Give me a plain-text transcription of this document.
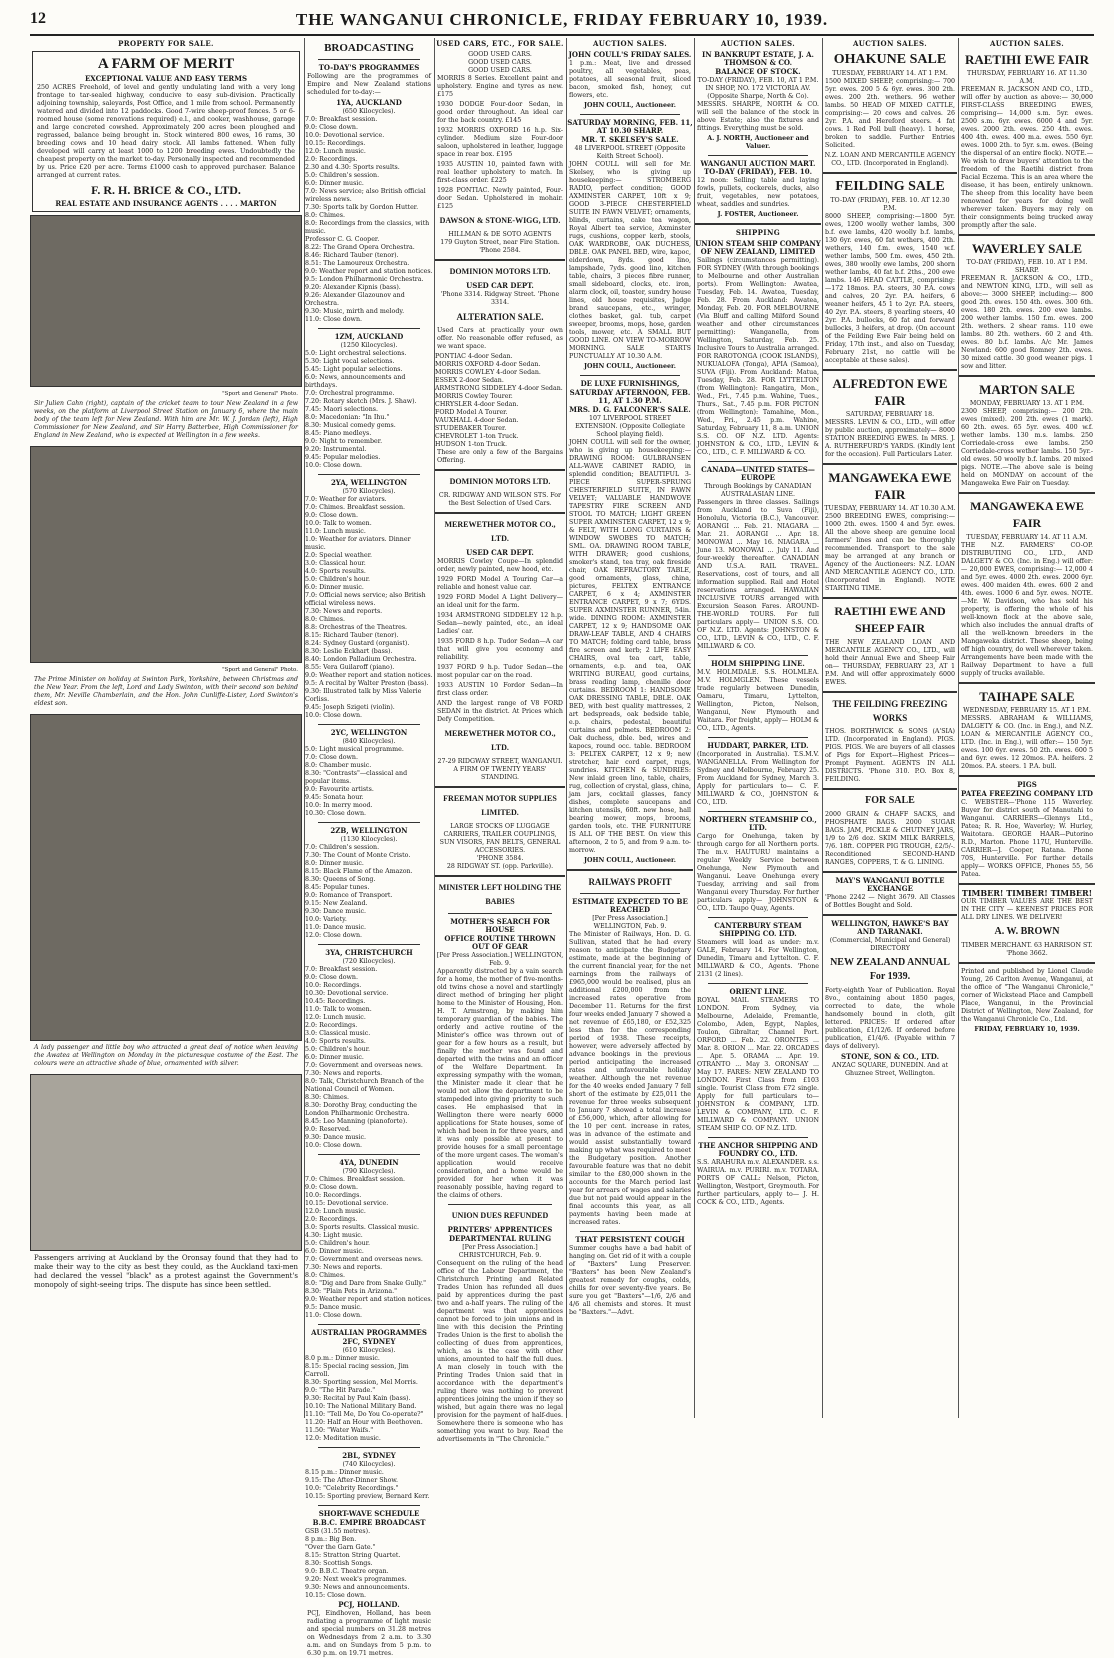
12	THE WANGANUI CHRONICLE, FRIDAY FEBRUARY 10, 1939.
PROPERTY FOR SALE.
A FARM OF MERIT
EXCEPTIONAL VALUE AND EASY TERMS

250 ACRES Freehold, of level and gently undulating land with a very long frontage to tar-sealed highway, conducive to easy sub-division. Practically adjoining township, saleyards, Post Office, and 1 mile from school. Permanently watered and divided into 12 paddocks. Good 7-wire sheep-proof fences. 5 or 6-roomed house (some renovations required) e.l., and cooker, washhouse, garage and large concreted cowshed. Approximately 200 acres been ploughed and regrassed, balance being brought in. Stock wintered 800 ewes, 16 rams, 30 breeding cows and 10 head dairy stock. All lambs fattened. When fully developed will carry at least 1000 to 1200 breeding ewes. Undoubtedly the cheapest property on the market to-day. Personally inspected and recommended by us. Price £20 per acre. Terms £1000 cash to approved purchaser. Balance arranged at current rates.

F. R. H. BRICE & CO., LTD.
REAL ESTATE AND INSURANCE AGENTS . . . . MARTON
"Sport and General" Photo.
Sir Julien Cahn (right), captain of the cricket team to tour New Zealand in a few weeks, on the platform at Liverpool Street Station on January 6, where the main body of the team left for New Zealand. With him are Mr. W. J. Jordan (left), High Commissioner for New Zealand, and Sir Harry Batterbee, High Commissioner for England in New Zealand, who is expected at Wellington in a few weeks.
"Sport and General" Photo.
The Prime Minister on holiday at Swinton Park, Yorkshire, between Christmas and the New Year. From the left, Lord and Lady Swinton, with their second son behind them, Mr. Neville Chamberlain, and the Hon. John Cunliffe-Lister, Lord Swinton's eldest son.
A lady passenger and little boy who attracted a great deal of notice when leaving the Awatea at Wellington on Monday in the picturesque costume of the East. The colours were an attractive shade of blue, ornamented with silver.
Passengers arriving at Auckland by the Oronsay found that they had to make their way to the city as best they could, as the Auckland taxi-men had declared the vessel "black" as a protest against the Government's monopoly of sight-seeing trips. The dispute has since been settled.
BROADCASTING
TO-DAY'S PROGRAMMES

Following are the programmes of Empire and New Zealand stations scheduled for to-day:—

1YA, AUCKLAND
(650 Kilocycles).
7.0: Breakfast session.
9.0: Close down.
10.0: Devotional service.
10.15: Recordings.
12.0: Lunch music.
2.0: Recordings.
2.30 and 4.30: Sports results.
5.0: Children's session.
6.0: Dinner music.
7.0: News service; also British official wireless news.
7.30: Sports talk by Gordon Hutter.
8.0: Chimes.
8.0: Recordings from the classics, with music.
Professor C. G. Cooper.
8.22: The Grand Opera Orchestra.
8.46: Richard Tauber (tenor).
8.51: The Lamoureux Orchestra.
9.0: Weather report and station notices.
9.5: London Philharmonic Orchestra.
9.20: Alexander Kipnis (bass).
9.26: Alexander Glazounov and Orchestra.
9.30: Music, mirth and melody.
11.0: Close down.
1ZM, AUCKLAND
(1250 Kilocycles).
5.0: Light orchestral selections.
5.30: Light vocal selections.
5.45: Light popular selections.
6.0: News, announcements and birthdays.
7.0: Orchestral programme.
7.20: Rotary sketch (Mrs. J. Shaw).
7.45: Maori selections.
8.0: Macedonian: "In Ihu."
8.30: Musical comedy gems.
8.45: Piano medleys.
9.0: Night to remember.
9.20: Instrumental.
9.45: Popular melodies.
10.0: Close down.
2YA, WELLINGTON
(570 Kilocycles).
7.0: Weather for aviators.
7.0: Chimes. Breakfast session.
9.0: Close down.
10.0: Talk to women.
11.0: Lunch music.
1.0: Weather for aviators. Dinner music.
2.0: Special weather.
3.0: Classical hour.
4.0: Sports results.
5.0: Children's hour.
6.0: Dinner music.
7.0: Official news service; also British official wireless news.
7.30: News and reports.
8.0: Chimes.
8.8: Orchestras of the Theatres.
8.15: Richard Tauber (tenor).
8.24: Sydney Gustard (organist).
8.30: Leslie Eckhart (bass).
8.40: London Palladium Orchestra.
8.55: Vera Guilaroff (piano).
9.0: Weather report and station notices.
9.5: A recital by Walter Preston (bass).
9.30: Illustrated talk by Miss Valerie Corliss.
9.45: Joseph Szigeti (violin).
10.0: Close down.
2YC, WELLINGTON
(840 Kilocycles).
5.0: Light musical programme.
7.0: Close down.
8.0: Chamber music.
8.30: "Contrasts"—classical and popular items.
9.0: Favourite artists.
9.45: Sonata hour.
10.0: In merry mood.
10.30: Close down.
2ZB, WELLINGTON
(1130 Kilocycles).
7.0: Children's session.
7.30: The Count of Monte Cristo.
8.0: Dinner music.
8.15: Black Flame of the Amazon.
8.30: Queens of Song.
8.45: Popular tunes.
9.0: Romance of Transport.
9.15: New Zealand.
9.30: Dance music.
10.0: Variety.
11.0: Dance music.
12.0: Close down.
3YA, CHRISTCHURCH
(720 Kilocycles).
7.0: Breakfast session.
9.0: Close down.
10.0: Recordings.
10.30: Devotional service.
10.45: Recordings.
11.0: Talk to women.
12.0: Lunch music.
2.0: Recordings.
3.0: Classical music.
4.0: Sports results.
5.0: Children's hour.
6.0: Dinner music.
7.0: Government and overseas news.
7.30: News and reports.
8.0: Talk, Christchurch Branch of the National Council of Women.
8.30: Chimes.
8.30: Dorothy Bray, conducting the London Philharmonic Orchestra.
8.45: Leo Manning (pianoforte).
9.0: Reserved.
9.30: Dance music.
10.0: Close down.
4YA, DUNEDIN
(790 Kilocycles).
7.0: Chimes. Breakfast session.
9.0: Close down.
10.0: Recordings.
10.15: Devotional service.
12.0: Lunch music.
2.0: Recordings.
3.0: Sports results. Classical music.
4.30: Light music.
5.0: Children's hour.
6.0: Dinner music.
7.0: Government and overseas news.
7.30: News and reports.
8.0: Chimes.
8.0: "Dig and Dare from Snake Gully."
8.30: "Plain Pets in Arizona."
9.0: Weather report and station notices.
9.5: Dance music.
11.0: Close down.
AUSTRALIAN PROGRAMMES
2FC, SYDNEY
(610 Kilocycles).
8.0 p.m.: Dinner music.
8.15: Special racing session, Jim Carroll.
8.30: Sporting session, Mel Morris.
9.0: "The Hit Parade."
9.30: Recital by Paul Kain (bass).
10.10: The National Military Band.
11.10: "Tell Me, Do You Co-operate?"
11.20: Half an Hour with Beethoven.
11.50: "Water Waifs."
12.0: Meditation music.
2BL, SYDNEY
(740 Kilocycles).
8.15 p.m.: Dinner music.
9.15: The After-Dinner Show.
10.0: "Celebrity Recordings."
10.15: Sporting preview, Bernard Kerr.
SHORT-WAVE SCHEDULE
B.B.C. EMPIRE BROADCAST
GSB (31.55 metres).
8 p.m.: Big Ben.
"Over the Garn Gate."
8.15: Stratton String Quartet.
8.30: Scottish Songs.
9.0: B.B.C. Theatre organ.
9.20: Next week's programmes.
9.30: News and announcements.
10.15: Close down.
PCJ, HOLLAND.

PCJ, Eindhoven, Holland, has been radiating a programme of light music and special numbers on 31.28 metres on Wednesdays from 2 a.m. to 3.30 a.m. and on Sundays from 5 p.m. to 6.30 p.m. on 19.71 metres.

USED CARS, ETC., FOR SALE.
GOOD USED CARS.
GOOD USED CARS.
GOOD USED CARS.

MORRIS 8 Series. Excellent paint and upholstery. Engine and tyres as new. £175

1930 DODGE Four-door Sedan, in good order throughout. An ideal car for the back country. £145

1932 MORRIS OXFORD 16 h.p. Six-cylinder. Medium size Four-door saloon, upholstered in leather, luggage space in rear box. £195

1935 AUSTIN 10, painted fawn with real leather upholstery to match. In first-class order. £225

1928 PONTIAC. Newly painted, Four-door Sedan. Upholstered in mohair. £125

DAWSON & STONE-WIGG, LTD.
HILLMAN & DE SOTO AGENTS
179 Guyton Street, near Fire Station.
'Phone 2584.
DOMINION MOTORS LTD.
USED CAR DEPT.
'Phone 3314. Ridgway Street. 'Phone 3314.
ALTERATION SALE.

Used Cars at practically your own offer. No reasonable offer refused, as we want space.

PONTIAC 4-door Sedan.
MORRIS OXFORD 4-door Sedan.
MORRIS COWLEY 4-door Sedan.
ESSEX 2-door Sedan.
ARMSTRONG SIDDELEY 4-door Sedan.
MORRIS Cowley Tourer.
CHRYSLER 4-door Sedan.
FORD Model A Tourer.
VAUXHALL 4-door Sedan.
STUDEBAKER Tourer.
CHEVROLET 1-ton Truck.
HUDSON 1-ton Truck.

These are only a few of the Bargains Offering.

DOMINION MOTORS LTD.
CR. RIDGWAY AND WILSON STS. For the Best Selection of Used Cars.
MEREWETHER MOTOR CO., LTD.
USED CAR DEPT.

MORRIS Cowley Coupe—In splendid order, newly painted, new hood, etc.

1929 FORD Model A Touring Car—a reliable and honest value car.

1929 FORD Model A Light Delivery—an ideal unit for the farm.

1934 ARMSTRONG SIDDELEY 12 h.p. Sedan—newly painted, etc., an ideal Ladies' car.

1935 FORD 8 h.p. Tudor Sedan—A car that will give you economy and reliability.

1937 FORD 9 h.p. Tudor Sedan—the most popular car on the road.

1933 AUSTIN 10 Fordor Sedan—In first class order.

AND the largest range of V8 FORD SEDAN in the district. At Prices which Defy Competition.

MEREWETHER MOTOR CO., LTD.
27-29 RIDGWAY STREET, WANGANUI.
A FIRM OF TWENTY YEARS' STANDING.
FREEMAN MOTOR SUPPLIES LIMITED.
LARGE STOCKS OF LUGGAGE CARRIERS, TRAILER COUPLINGS, SUN VISORS, FAN BELTS, GENERAL ACCESSORIES.
'PHONE 3584.
28 RIDGWAY ST. (opp. Parkville).
MINISTER LEFT HOLDING THE BABIES
MOTHER'S SEARCH FOR HOUSE
OFFICE ROUTINE THROWN OUT OF GEAR
[Per Press Association.] WELLINGTON, Feb. 9.

Apparently distracted by a vain search for a home, the mother of five-months-old twins chose a novel and startlingly direct method of bringing her plight home to the Minister of Housing, Hon. H. T. Armstrong, by making him temporary guardian of the babies. The orderly and active routine of the Minister's office was thrown out of gear for a few hours as a result, but finally the mother was found and departed with the twins and an officer of the Welfare Department. In expressing sympathy with the woman, the Minister made it clear that he would not allow the department to be stampeded into giving priority to such cases. He emphasised that in Wellington there were nearly 6000 applications for State houses, some of which had been in for three years, and it was only possible at present to provide houses for a small percentage of the more urgent cases. The woman's application would receive consideration, and a home would be provided for her when it was reasonably possible, having regard to the claims of others.

UNION DUES REFUNDED
PRINTERS' APPRENTICES
DEPARTMENTAL RULING
[Per Press Association.] CHRISTCHURCH, Feb. 9.

Consequent on the ruling of the head office of the Labour Department, the Christchurch Printing and Related Trades Union has refunded all dues paid by apprentices during the past two and a-half years. The ruling of the department was that apprentices cannot be forced to join unions and in line with this decision the Printing Trades Union is the first to abolish the collecting of dues from apprentices, which, as is the case with other unions, amounted to half the full dues. A man closely in touch with the Printing Trades Union said that in accordance with the department's ruling there was nothing to prevent apprentices joining the union if they so wished, but again there was no legal provision for the payment of half-dues. Somewhere there is someone who has something you want to buy. Read the advertisements in "The Chronicle."

AUCTION SALES.
JOHN COULL'S FRIDAY SALES.

1 p.m.: Meat, live and dressed poultry, all vegetables, peas, potatoes, all seasonal fruit, sliced bacon, smoked fish, honey, cut flowers, etc.

JOHN COULL, Auctioneer.
SATURDAY MORNING, FEB. 11, AT 10.30 SHARP.
MR. T. SKELSEY'S SALE.
48 LIVERPOOL STREET (Opposite Keith Street School).

JOHN COULL will sell for Mr. Skelsey, who is giving up housekeeping:— STROMBERG RADIO, perfect condition; GOOD AXMINSTER CARPET, 10ft x 9; GOOD 3-PIECE CHESTERFIELD SUITE IN FAWN VELVET; ornaments, blinds, curtains, cake tea wagon, Royal Albert tea service, Axminster rugs, cushions, copper kerb, stools, OAK WARDROBE, OAK DUCHESS, DBLE. OAK PANEL BED, wire, kapoc, eiderdown, 8yds. good lino, lampshade, 7yds. good lino, kitchen table, chairs, 3 pieces fibre runner, small sideboard, clocks, etc. iron, alarm clock, oil, toaster, sundry house lines, old house requisites, Judge brand saucepans, etc., wringer, clothes basket, gal. tub, carpet sweeper, brooms, mops, hose, garden tools, mower, etc. A SMALL BUT GOOD LINE. ON VIEW TO-MORROW MORNING. SALE STARTS PUNCTUALLY AT 10.30 A.M.

JOHN COULL, Auctioneer.
DE LUXE FURNISHINGS,
SATURDAY AFTERNOON, FEB. 11, AT 1.30 P.M.
MRS. D. G. FALCONER'S SALE.
107 LIVERPOOL STREET EXTENSION. (Opposite Collegiate School playing field).

JOHN COULL will sell for the owner, who is giving up housekeeping:— DRAWING ROOM: GULBRANSEN ALL-WAVE CABINET RADIO, in splendid condition; BEAUTIFUL 3-PIECE SUPER-SPRUNG CHESTERFIELD SUITE, IN FAWN VELVET; VALUABLE HANDWOVE TAPESTRY FIRE SCREEN AND STOOL TO MATCH; LIGHT GREEN SUPER AXMINSTER CARPET, 12 x 9; & FELT, WITH LONG CURTAINS & WINDOW SWOBES TO MATCH; SML. OA. DRAWING ROOM TABLE, WITH DRAWER; good cushions, smoker's stand, tea tray, oak fireside chair, OAK REFRACTORY TABLE, good ornaments, glass, china, pictures, FELTEX ENTRANCE CARPET, 6 x 4; AXMINSTER ENTRANCE CARPET, 9 x 7; 6YDS. SUPER AXMINSTER RUNNER, 54in. wide. DINING ROOM: AXMINSTER CARPET, 12 x 9; HANDSOME OAK DRAW-LEAF TABLE, AND 4 CHAIRS TO MATCH; folding card table, brass fire screen and kerb; 2 LIFE EASY CHAIRS, oval tea cart, table, ornaments, e.p. and tea, OAK WRITING BUREAU, good curtains, brass reading lamp, chenille door curtains. BEDROOM 1: HANDSOME OAK DRESSING TABLE, DBLE. OAK BED, with best quality mattresses, 2 art bedspreads, oak bedside table, e.p. chairs, pedestal, beautiful curtains and pelmets. BEDROOM 2: Oak duchess, dble. bed, wires and kapocs, round occ. table. BEDROOM 3: PELTEX CARPET, 12 x 9; new stretcher, hair cord carpet, rugs, sundries. KITCHEN & SUNDRIES: New inlaid green lino, table, chairs, rug, collection of crystal, glass, china, jam jars, cocktail glasses, fancy dishes, complete saucepans and kitchen utensils, 60ft. new hose, hall bearing mower, mops, brooms, garden tools, etc. THE FURNITURE IS ALL OF THE BEST. On view this afternoon, 2 to 5, and from 9 a.m. to-morrow.

JOHN COULL, Auctioneer.
RAILWAYS PROFIT
ESTIMATE EXPECTED TO BE REACHED
[Per Press Association.] WELLINGTON, Feb. 9.

The Minister of Railways, Hon. D. G. Sullivan, stated that he had every reason to anticipate the Budgetary estimate, made at the beginning of the current financial year, for the net earnings from the railways of £965,000 would be realised, plus an additional £200,000 from the increased rates operative from December 11. Returns for the first four weeks ended January 7 showed a net revenue of £65,180, or £52,325 less than for the corresponding period of 1938. These receipts, however, were adversely affected by advance bookings in the previous period anticipating the increased rates and unfavourable holiday weather. Although the net revenue for the 40 weeks ended January 7 fell short of the estimate by £25,011 the revenue for three weeks subsequent to January 7 showed a total increase of £56,000, which, after allowing for the 10 per cent. increase in rates, was in advance of the estimate and would assist substantially toward making up what was required to meet the Budgetary position. Another favourable feature was that no debit similar to the £80,000 shown in the accounts for the March period last year for arrears of wages and salaries due but not paid would appear in the final accounts this year, as all payments having been made at increased rates.

THAT PERSISTENT COUGH

Summer coughs have a bad habit of hanging on. Get rid of it with a couple of "Baxters" Lung Preserver. "Baxters" has been New Zealand's greatest remedy for coughs, colds, chills for over seventy-five years. Be sure you get "Baxters"—1/6, 2/6 and 4/6 all chemists and stores. It must be "Baxters."—Advt.

AUCTION SALES.
IN BANKRUPT ESTATE, J. A. THOMSON & CO.
BALANCE OF STOCK.
TO-DAY (FRIDAY), FEB. 10, AT 1 P.M.
IN SHOP, NO. 172 VICTORIA AV. (Opposite Sharpe, North & Co).

MESSRS. SHARPE, NORTH & CO. will sell the balance of the stock in above Estate; also the fixtures and fittings. Everything must be sold.

A. J. NORTH, Auctioneer and Valuer.
WANGANUI AUCTION MART. TO-DAY (FRIDAY), FEB. 10.

12 noon: Selling table and laying fowls, pullets, cockerels, ducks, also fruit, vegetables, new potatoes, wheat, saddles and sundries.

J. FOSTER, Auctioneer.
SHIPPING
UNION STEAM SHIP COMPANY OF NEW ZEALAND, LIMITED

Sailings (circumstances permitting). FOR SYDNEY (With through bookings to Melbourne and other Australian ports). From Wellington: Awatea, Tuesday, Feb. 14. Awatea, Tuesday, Feb. 28. From Auckland: Awatea, Monday, Feb. 20. FOR MELBOURNE (Via Bluff and calling Milford Sound weather and other circumstances permitting): Wanganella, from Wellington, Saturday, Feb. 25. Inclusive Tours to Australia arranged. FOR RAROTONGA (COOK ISLANDS), NUKUALOFA (Tonga), APIA (Samoa), SUVA (Fiji). From Auckland: Matua, Tuesday, Feb. 28. FOR LYTTELTON (from Wellington): Rangatira, Mon., Wed., Fri., 7.45 p.m. Wahine, Tues., Thurs., Sat., 7.45 p.m. FOR PICTON (from Wellington): Tamahine, Mon., Wed., Fri., 2.45 p.m. Wahine, Saturday, February 11, 8 a.m. UNION S.S. CO. OF N.Z. LTD. Agents: JOHNSTON & CO., LTD., LEVIN & CO., LTD., C. F. MILLWARD & CO.

CANADA—UNITED STATES—EUROPE
Through Bookings by CANADIAN AUSTRALASIAN LINE.

Passengers in three classes. Sailings from Auckland to Suva (Fiji), Honolulu, Victoria (B.C.), Vancouver. AORANGI ... Feb. 21. NIAGARA ... Mar. 21. AORANGI ... Apr. 18. MONOWAI ... May 16. NIAGARA ... June 13. MONOWAI ... July 11. And four-weekly thereafter. CANADIAN AND U.S.A. RAIL TRAVEL. Reservations, cost of tours, and all information supplied. Rail and Hotel reservations arranged. HAWAIIAN INCLUSIVE TOURS arranged with Excursion Season Fares. AROUND-THE-WORLD TOURS. For full particulars apply— UNION S.S. CO. OF N.Z. LTD. Agents: JOHNSTON & CO., LTD., LEVIN & CO., LTD., C. F. MILLWARD & CO.

HOLM SHIPPING LINE.

M.V. HOLMDALE. S.S. HOLMLEA. M.V. HOLMGLEN. These vessels trade regularly between Dunedin, Oamaru, Timaru, Lyttelton, Wellington, Picton, Nelson, Wanganui, New Plymouth and Waitara. For freight, apply— HOLM & CO., LTD., Agents.

HUDDART, PARKER, LTD.

(Incorporated in Australia). T.S.M.V. WANGANELLA. From Wellington for Sydney and Melbourne, February 25. From Auckland for Sydney, March 3. Apply for particulars to— C. F. MILLWARD & CO., JOHNSTON & CO., LTD.

NORTHERN STEAMSHIP CO., LTD.

Cargo for Onehunga, taken by through cargo for all Northern ports. The m.v. HAUTURU maintains a regular Weekly Service between Onehunga, New Plymouth and Wanganui. Leave Onehunga every Tuesday, arriving and sail from Wanganui every Thursday. For further particulars apply— JOHNSTON & CO., LTD. Taupo Quay, Agents.

CANTERBURY STEAM SHIPPING CO. LTD.

Steamers will load as under: m.v. GALE, February 14. For Wellington, Dunedin, Timaru and Lyttelton. C. F. MILLWARD & CO., Agents. 'Phone 2131 (2 lines).

ORIENT LINE.

ROYAL MAIL STEAMERS TO LONDON. From Sydney, via Melbourne, Adelaide, Fremantle, Colombo, Aden, Egypt, Naples, Toulon, Gibraltar, Channel Port. ORFORD ... Feb. 22. ORONTES ... Mar. 8. ORION ... Mar. 22. ORCADES ... Apr. 5. ORAMA ... Apr. 19. OTRANTO ... May 3. ORONSAY ... May 17. FARES: NEW ZEALAND TO LONDON. First Class from £103 single. Tourist Class from £72 single. Apply for full particulars to— JOHNSTON & COMPANY, LTD. LEVIN & COMPANY, LTD. C. F. MILLWARD & COMPANY. UNION STEAM SHIP CO. OF N.Z. LTD.

THE ANCHOR SHIPPING AND FOUNDRY CO., LTD.

S.S. ARAHURA m.v. ALEXANDER. s.s. WAIRUA. m.v. PURIRI. m.v. TOTARA. PORTS OF CALL: Nelson, Picton, Wellington, Westport, Greymouth. For further particulars, apply to— J. H. COCK & CO., LTD., Agents.

AUCTION SALES.
OHAKUNE SALE
TUESDAY, FEBRUARY 14. AT 1 P.M.

1500 MIXED SHEEP, comprising:— 700 5yr. ewes. 200 5 & 6yr. ewes. 300 2th. ewes. 200 2th. wethers. 96 wether lambs. 50 HEAD OF MIXED CATTLE, comprising:— 20 cows and calves. 26 2yr. P.A. and Hereford steers. 4 fat cows. 1 Red Poll bull (heavy). 1 horse, broken to saddle. Further Entries Solicited.

N.Z. LOAN AND MERCANTILE AGENCY CO., LTD. (Incorporated in England).
FEILDING SALE
TO-DAY (FRIDAY), FEB. 10. AT 12.30 P.M.

8000 SHEEP, comprising:—1800 5yr. ewes, 1200 woolly wether lambs, 300 b.f. ewe lambs, 420 woolly b.f. lambs, 130 6yr. ewes, 60 fat wethers, 400 2th. wethers, 140 f.m. ewes, 1540 w.f. wether lambs, 500 f.m. ewes, 450 2th. ewes, 380 woolly ewe lambs, 200 shorn wether lambs, 40 fat b.f. 2ths., 200 ewe lambs. 146 HEAD CATTLE, comprising:—172 18mos. P.A. steers, 30 P.A. cows and calves, 20 2yr. P.A. heifers, 6 weaner heifers, 45 1 to 2yr. P.A. steers, 40 2yr. P.A. steers, 8 yearling steers, 40 2yr. P.A. bullocks, 60 fat and forward bullocks, 3 heifers, at drop. (On account of the Feilding Ewe Fair being held on Friday, 17th inst., and also on Tuesday, February 21st, no cattle will be acceptable at these sales).

ALFREDTON EWE FAIR
SATURDAY, FEBRUARY 18.

MESSRS. LEVIN & CO., LTD., will offer by public auction, approximately— 8000 STATION BREEDING EWES. In MRS. J. A. RUTHERFURD'S YARDS. (Kindly lent for the occasion). Full Particulars Later.

MANGAWEKA EWE FAIR
TUESDAY, FEBRUARY 14. AT 10.30 A.M.

2500 BREEDING EWES, comprising:— 1000 2th. ewes. 1500 4 and 5yr. ewes. All the above sheep are genuine local farmers' lines and can be thoroughly recommended. Transport to the sale may be arranged at any branch or Agency of the Auctioneers: N.Z. LOAN AND MERCANTILE AGENCY CO., LTD. (Incorporated in England). NOTE STARTING TIME.

RAETIHI EWE AND SHEEP FAIR

THE NEW ZEALAND LOAN AND MERCANTILE AGENCY CO., LTD., will hold their Annual Ewe and Sheep Fair on— THURSDAY, FEBRUARY 23, AT 1 P.M. And will offer approximately 6000 EWES.

THE FEILDING FREEZING WORKS

THOS. BORTHWICK & SONS (A'SIA) LTD. (Incorporated in England). PIGS. PIGS. PIGS. We are buyers of all classes of Pigs for Export—Highest Prices—Prompt Payment. AGENTS IN ALL DISTRICTS. 'Phone 310. P.O. Box 8, FEILDING.

FOR SALE

2000 GRAIN & CHAFF SACKS, and PHOSPHATE BAGS. 2000 SUGAR BAGS. JAM, PICKLE & CHUTNEY JARS, 1/9 to 2/6 doz. SKIM MILK BARRELS, 7/6. 18ft. COPPER PIG TROUGH, £2/5/-. Reconditioned SECOND-HAND RANGES, COPPERS, T. & G. LINING.

MAY'S WANGANUI BOTTLE EXCHANGE

'Phone 2242 — Night 3679. All Classes of Bottles Bought and Sold.

WELLINGTON, HAWKE'S BAY AND TARANAKI.
(Commercial, Municipal and General) DIRECTORY
NEW ZEALAND ANNUAL For 1939.

Forty-eighth Year of Publication. Royal 8vo., containing about 1850 pages, corrected to date, the whole handsomely bound in cloth, gilt lettered. PRICES: If ordered after publication, £1/12/6. If ordered before publication, £1/4/6. (Payable within 7 days of delivery).

STONE, SON & CO., LTD.
ANZAC SQUARE, DUNEDIN. And at Ghuznee Street, Wellington.
AUCTION SALES.
RAETIHI EWE FAIR
THURSDAY, FEBRUARY 16. AT 11.30 A.M.

FREEMAN R. JACKSON AND CO., LTD., will offer by auction as above:— 30,000 FIRST-CLASS BREEDING EWES, comprising— 14,000 s.m. 5yr. ewes. 2500 s.m. 6yr. ewes. 6000 4 and 5yr. ewes. 2000 2th. ewes. 250 4th. ewes. 400 4th. ewes. 400 m.a. ewes. 550 6yr. ewes. 1000 2th. to 5yr. s.m. ewes. (Being the dispersal of an entire flock). NOTE.—We wish to draw buyers' attention to the freedom of the Raetihi district from Facial Eczema. This is an area where the disease, it has been, entirely unknown. The sheep from this locality have been renowned for years for doing well wherever taken. Buyers may rely on their consignments being trucked away promptly after the sale.

WAVERLEY SALE
TO-DAY (FRIDAY), FEB. 10. AT 1 P.M. SHARP.

FREEMAN R. JACKSON & CO., LTD., and NEWTON KING, LTD., will sell as above:— 3000 SHEEP, including:— 800 good 2th. ewes. 150 4th. ewes. 300 6th. ewes. 180 2th. ewes. 200 ewe lambs. 200 wether lambs. 150 f.m. ewes. 200 2th. wethers. 2 shear rams. 110 ewe lambs. 80 2th. wethers. 60 2 and 4th. ewes. 80 b.f. lambs. A/c Mr. James Newland: 600 good Romney 2th. ewes. 30 mixed cattle. 30 good weaner pigs. 1 sow and litter.

MARTON SALE
MONDAY, FEBRUARY 13. AT 1 P.M.

2300 SHEEP, comprising:— 200 2th. ewes (mixed). 200 2th. ewes (1 mark). 60 2th. ewes. 65 5yr. ewes. 400 w.f. wether lambs. 130 m.s. lambs. 250 Corriedale-cross ewe lambs. 250 Corriedale-cross wether lambs. 150 5yr.-old ewes. 50 woolly b.f. lambs. 20 mixed pigs. NOTE.—The above sale is being held on MONDAY on account of the Mangaweka Ewe Fair on Tuesday.

MANGAWEKA EWE FAIR
TUESDAY, FEBRUARY 14. AT 11 A.M.

THE N.Z. FARMERS' CO-OP. DISTRIBUTING CO., LTD., AND DALGETY & CO. (Inc. in Eng.) will offer:— 20,000 EWES, comprising:— 12,000 4 and 5yr. ewes. 4000 2th. ewes. 2000 6yr. ewes. 400 maiden 4th. ewes. 600 2 and 4th. ewes. 1000 6 and 5yr. ewes. NOTE.—Mr. W. Davidson, who has sold his property, is offering the whole of his well-known flock at the above sale, which also includes the annual drafts of all the well-known breeders in the Mangaweka district. These sheep, being off high country, do well wherever taken. Arrangements have been made with the Railway Department to have a full supply of trucks available.

TAIHAPE SALE
WEDNESDAY, FEBRUARY 15. AT 1 P.M.

MESSRS. ABRAHAM & WILLIAMS, DALGETY & CO. (Inc. in Eng.), and N.Z. LOAN & MERCANTILE AGENCY CO., LTD. (Inc. in Eng.), will offer:— 150 5yr. ewes. 100 6yr. ewes. 50 2th. ewes. 600 5 and 6yr. ewes. 12 20mos. P.A. heifers. 2 20mos. P.A. steers. 1 P.A. bull.

PIGS
PATEA FREEZING COMPANY LTD

C. WEBSTER—'Phone 115 Waverley. Buyer for district south of Manutahi to Wanganui. CARRIERS—Glennys Ltd., Patea; R. R. Hoe, Waverley; W. Hurley, Waitotara. GEORGE HAAR—Putorino R.D., Marton. Phone 117U, Hunterville. CARRIER—J. Cooper, Ratana. Phone 70S, Hunterville. For further details apply— WORKS OFFICE, Phones 55, 56 Patea.

TIMBER! TIMBER! TIMBER!

OUR TIMBER VALUES ARE THE BEST IN THE CITY — KEENEST PRICES FOR ALL DRY LINES. WE DELIVER!

A. W. BROWN
TIMBER MERCHANT. 63 HARRISON ST. 'Phone 3662.

Printed and published by Lionel Claude Young, 26 Carlton Avenue, Wanganui, at the office of "The Wanganui Chronicle," corner of Wickstead Place and Campbell Place, Wanganui, in the Provincial District of Wellington, New Zealand, for the Wanganui Chronicle Co., Ltd.

FRIDAY, FEBRUARY 10, 1939.
